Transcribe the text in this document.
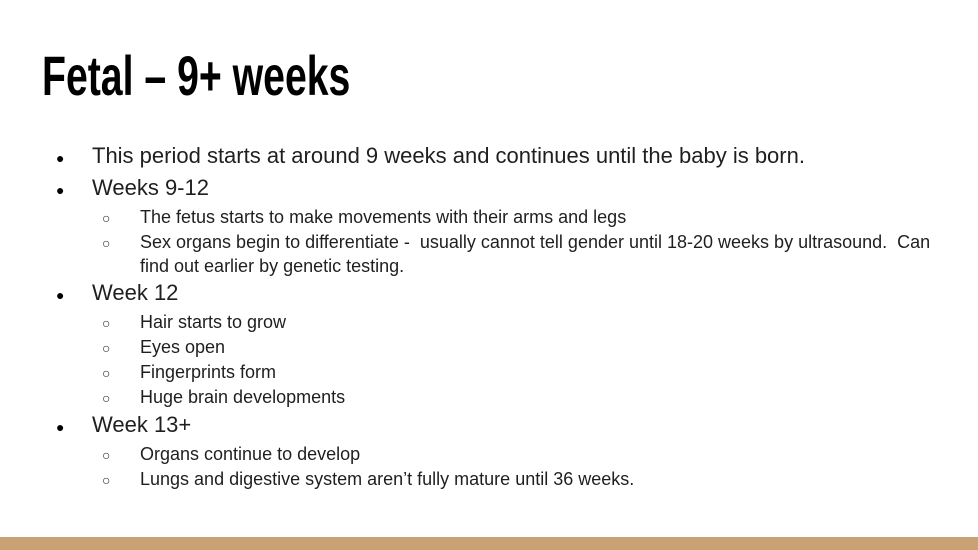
Fetal – 9+ weeks
●	This period starts at around 9 weeks and continues until the baby is born.
●	Weeks 9-12
○	The fetus starts to make movements with their arms and legs
○	Sex organs begin to differentiate -  usually cannot tell gender until 18-20 weeks by ultrasound.  Can find out earlier by genetic testing.
●	Week 12
○	Hair starts to grow
○	Eyes open
○	Fingerprints form
○	Huge brain developments
●	Week 13+
○	Organs continue to develop
○	Lungs and digestive system aren’t fully mature until 36 weeks.
